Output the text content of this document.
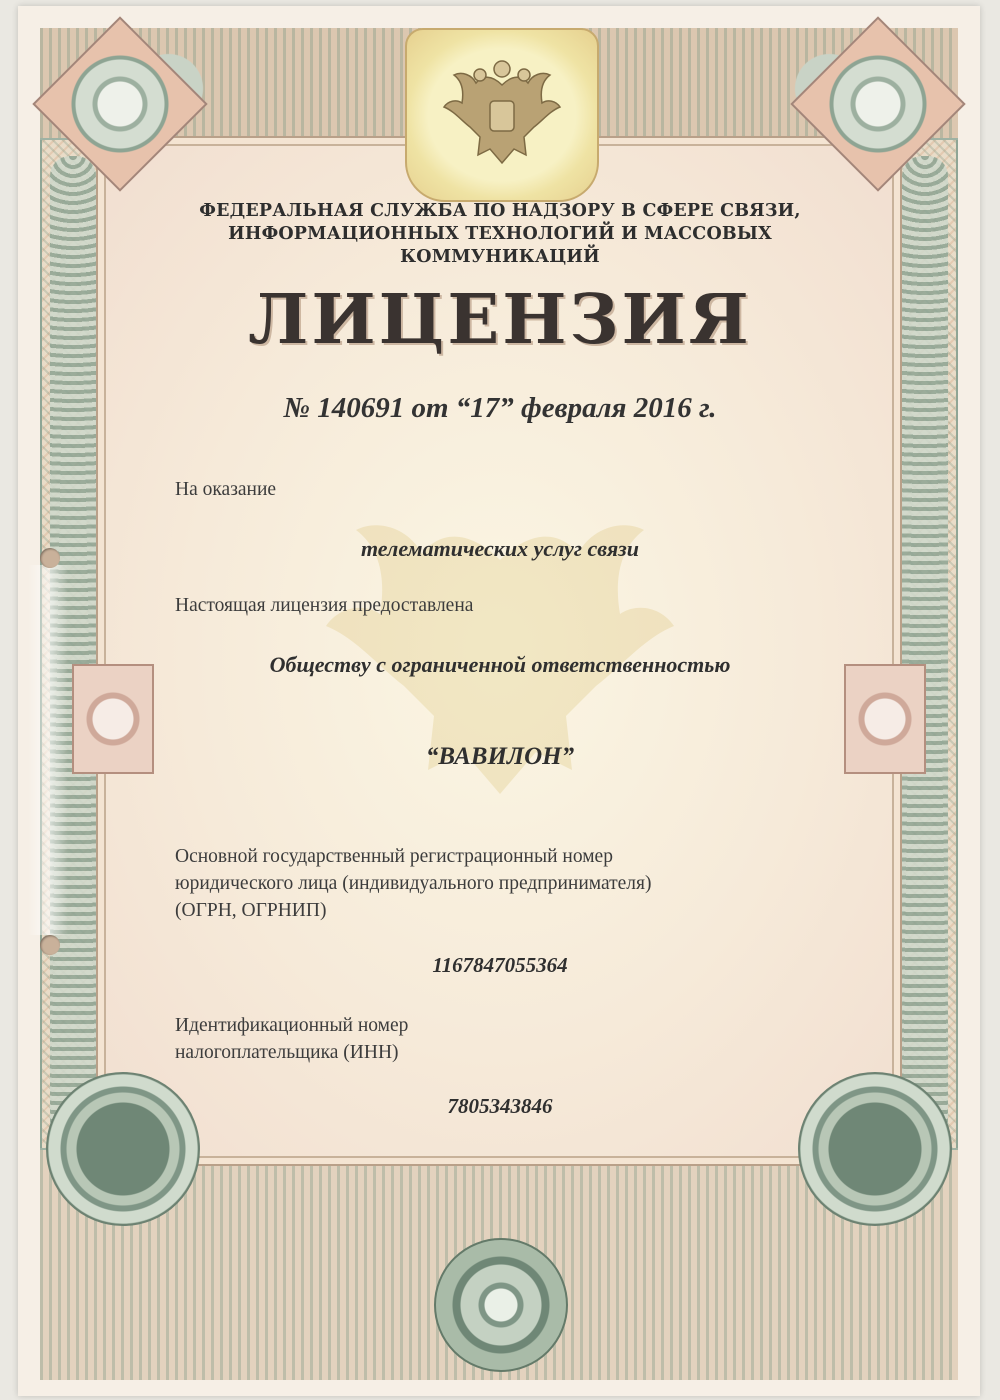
ФЕДЕРАЛЬНАЯ СЛУЖБА ПО НАДЗОРУ В СФЕРЕ СВЯЗИ,
ИНФОРМАЦИОННЫХ ТЕХНОЛОГИЙ И МАССОВЫХ КОММУНИКАЦИЙ
ЛИЦЕНЗИЯ
№ 140691 от “17” февраля 2016 г.
На оказание
телематических услуг связи
Настоящая лицензия предоставлена
Обществу с ограниченной ответственностью
“ВАВИЛОН”
Основной государственный регистрационный номер
юридического лица (индивидуального предпринимателя)
(ОГРН, ОГРНИП)
1167847055364
Идентификационный номер
налогоплательщика (ИНН)
7805343846
